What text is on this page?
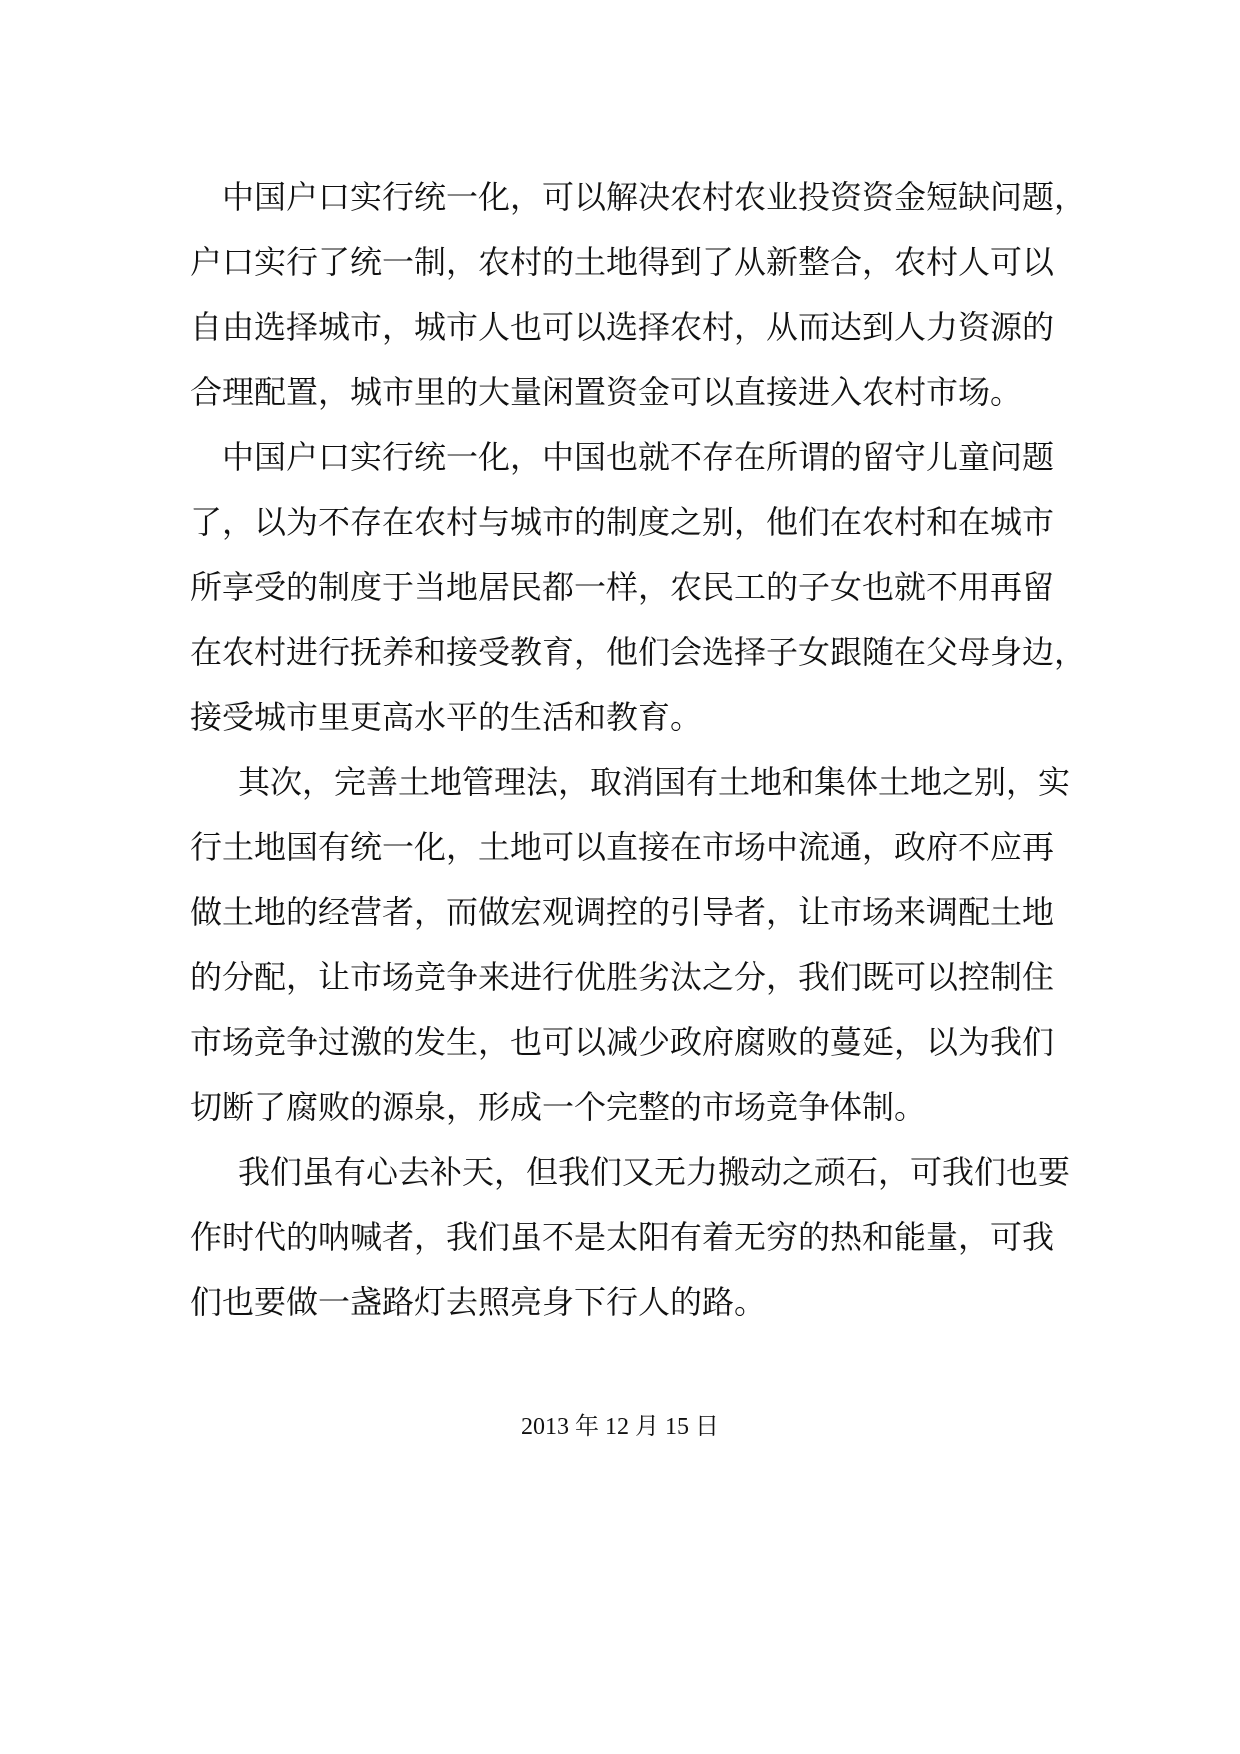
　中国户口实行统一化，可以解决农村农业投资资金短缺问题，
户口实行了统一制，农村的土地得到了从新整合，农村人可以
自由选择城市，城市人也可以选择农村，从而达到人力资源的
合理配置，城市里的大量闲置资金可以直接进入农村市场。

　中国户口实行统一化，中国也就不存在所谓的留守儿童问题
了，以为不存在农村与城市的制度之别，他们在农村和在城市
所享受的制度于当地居民都一样，农民工的子女也就不用再留
在农村进行抚养和接受教育，他们会选择子女跟随在父母身边，
接受城市里更高水平的生活和教育。

　 其次，完善土地管理法，取消国有土地和集体土地之别，实
行土地国有统一化，土地可以直接在市场中流通，政府不应再
做土地的经营者，而做宏观调控的引导者，让市场来调配土地
的分配，让市场竞争来进行优胜劣汰之分，我们既可以控制住
市场竞争过激的发生，也可以减少政府腐败的蔓延，以为我们
切断了腐败的源泉，形成一个完整的市场竞争体制。

　 我们虽有心去补天，但我们又无力搬动之顽石，可我们也要
作时代的呐喊者，我们虽不是太阳有着无穷的热和能量，可我
们也要做一盏路灯去照亮身下行人的路。

2013 年 12 月 15 日
